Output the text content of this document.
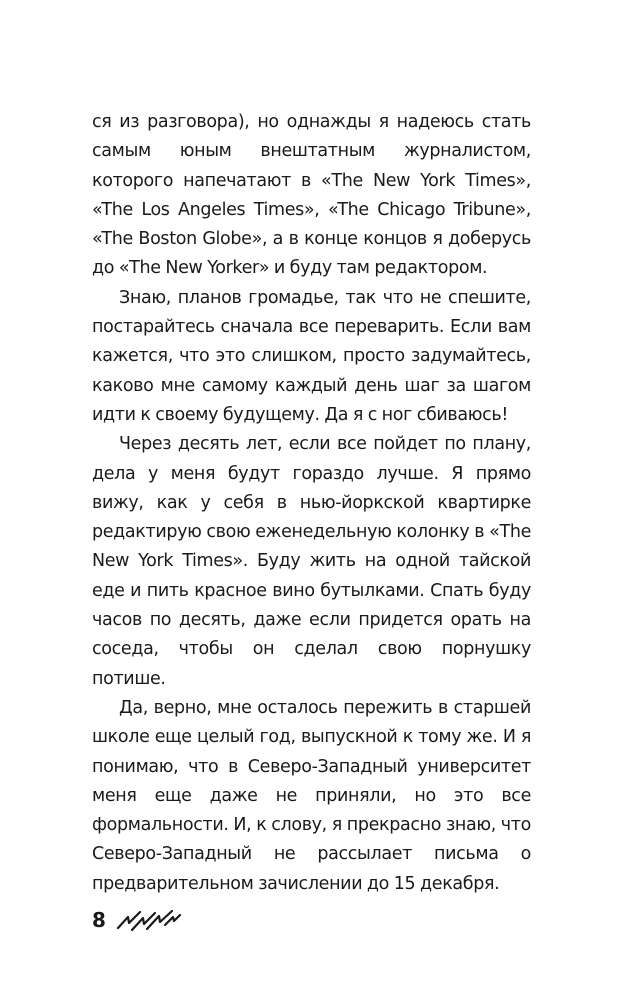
ся из разговора), но однажды я надеюсь стать самым юным внештатным журналистом, которого напечатают в «The New York Times», «The Los Angeles Times», «The Chicago Tribune», «The Boston Globe», а в конце концов я доберусь до «The New Yorker» и буду там редактором.

Знаю, планов громадье, так что не спешите, постарайтесь сначала все переварить. Если вам кажется, что это слишком, просто задумайтесь, каково мне самому каждый день шаг за шагом идти к своему будущему. Да я с ног сбиваюсь!

Через десять лет, если все пойдет по плану, дела у меня будут гораздо лучше. Я прямо вижу, как у себя в нью-йоркской квартирке редактирую свою еженедельную колонку в «The New York Times». Буду жить на одной тайской еде и пить красное вино бутылками. Спать буду часов по десять, даже если придется орать на соседа, чтобы он сделал свою порнушку потише.

Да, верно, мне осталось пережить в старшей школе еще целый год, выпускной к тому же. И я понимаю, что в Северо-Западный университет меня еще даже не приняли, но это все формальности. И, к слову, я прекрасно знаю, что Северо-Западный не рассылает письма о предварительном зачислении до 15 декабря.

8
